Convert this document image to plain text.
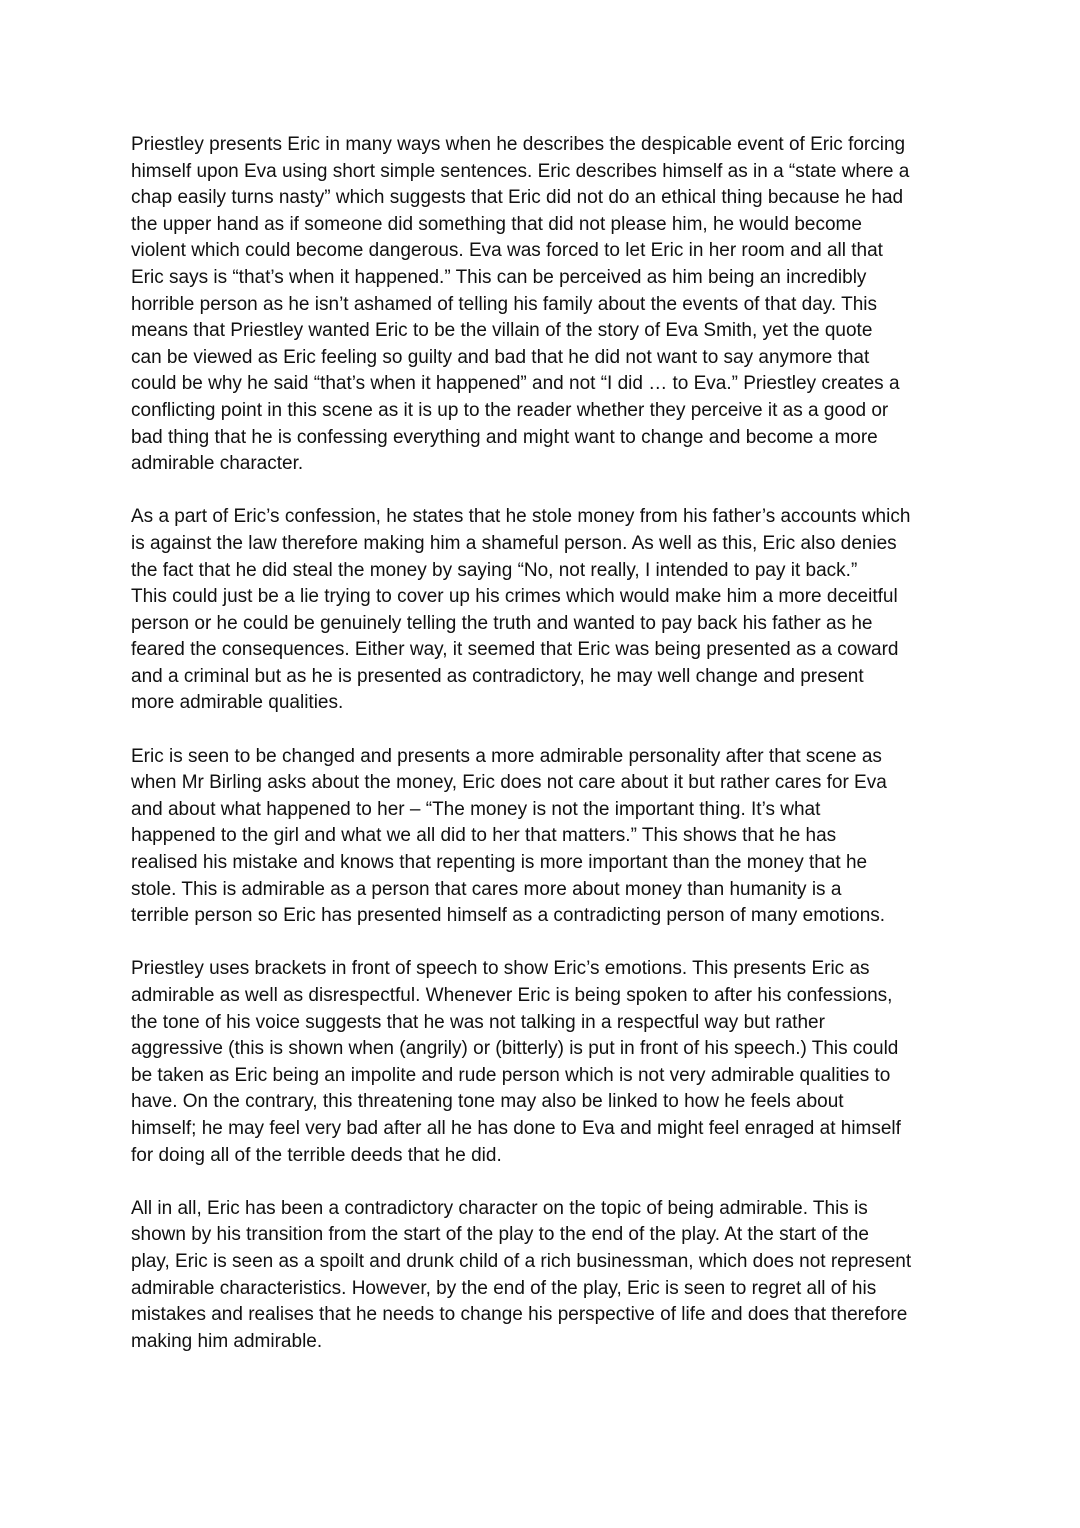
Priestley presents Eric in many ways when he describes the despicable event of Eric forcing
himself upon Eva using short simple sentences. Eric describes himself as in a “state where a
chap easily turns nasty” which suggests that Eric did not do an ethical thing because he had
the upper hand as if someone did something that did not please him, he would become
violent which could become dangerous. Eva was forced to let Eric in her room and all that
Eric says is “that’s when it happened.” This can be perceived as him being an incredibly
horrible person as he isn’t ashamed of telling his family about the events of that day. This
means that Priestley wanted Eric to be the villain of the story of Eva Smith, yet the quote
can be viewed as Eric feeling so guilty and bad that he did not want to say anymore that
could be why he said “that’s when it happened” and not “I did … to Eva.” Priestley creates a
conflicting point in this scene as it is up to the reader whether they perceive it as a good or
bad thing that he is confessing everything and might want to change and become a more
admirable character.

As a part of Eric’s confession, he states that he stole money from his father’s accounts which
is against the law therefore making him a shameful person. As well as this, Eric also denies
the fact that he did steal the money by saying “No, not really, I intended to pay it back.”
This could just be a lie trying to cover up his crimes which would make him a more deceitful
person or he could be genuinely telling the truth and wanted to pay back his father as he
feared the consequences. Either way, it seemed that Eric was being presented as a coward
and a criminal but as he is presented as contradictory, he may well change and present
more admirable qualities.

Eric is seen to be changed and presents a more admirable personality after that scene as
when Mr Birling asks about the money, Eric does not care about it but rather cares for Eva
and about what happened to her – “The money is not the important thing. It’s what
happened to the girl and what we all did to her that matters.” This shows that he has
realised his mistake and knows that repenting is more important than the money that he
stole. This is admirable as a person that cares more about money than humanity is a
terrible person so Eric has presented himself as a contradicting person of many emotions.

Priestley uses brackets in front of speech to show Eric’s emotions. This presents Eric as
admirable as well as disrespectful. Whenever Eric is being spoken to after his confessions,
the tone of his voice suggests that he was not talking in a respectful way but rather
aggressive (this is shown when (angrily) or (bitterly) is put in front of his speech.) This could
be taken as Eric being an impolite and rude person which is not very admirable qualities to
have. On the contrary, this threatening tone may also be linked to how he feels about
himself; he may feel very bad after all he has done to Eva and might feel enraged at himself
for doing all of the terrible deeds that he did.

All in all, Eric has been a contradictory character on the topic of being admirable. This is
shown by his transition from the start of the play to the end of the play. At the start of the
play, Eric is seen as a spoilt and drunk child of a rich businessman, which does not represent
admirable characteristics. However, by the end of the play, Eric is seen to regret all of his
mistakes and realises that he needs to change his perspective of life and does that therefore
making him admirable.
